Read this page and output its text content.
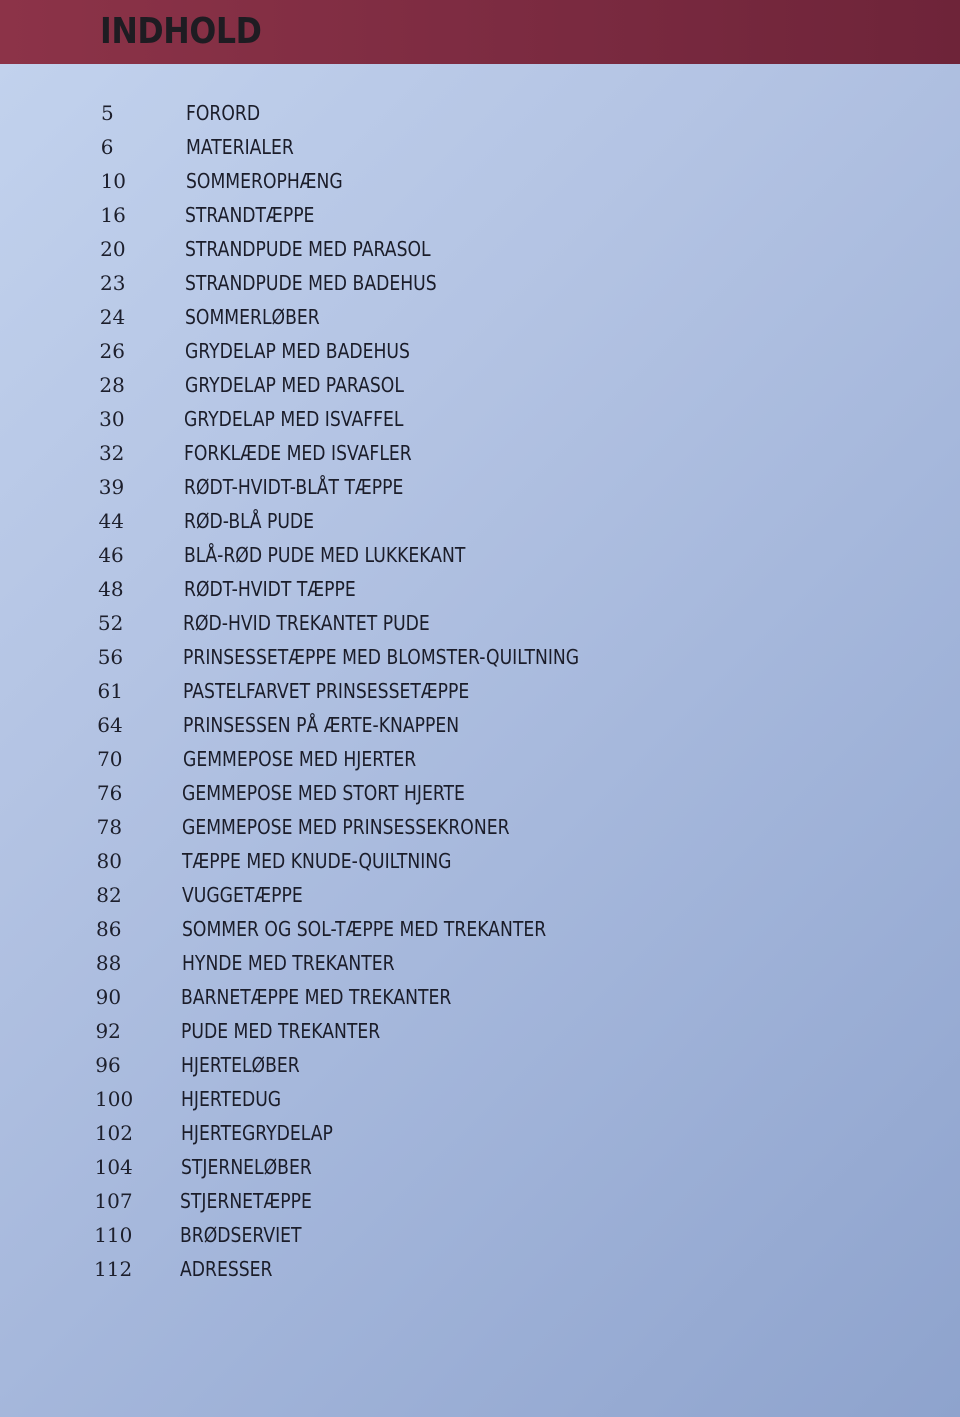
INDHOLD
5	FORORD
6	MATERIALER
10	SOMMEROPHÆNG
16	STRANDTÆPPE
20	STRANDPUDE MED PARASOL
23	STRANDPUDE MED BADEHUS
24	SOMMERLØBER
26	GRYDELAP MED BADEHUS
28	GRYDELAP MED PARASOL
30	GRYDELAP MED ISVAFFEL
32	FORKLÆDE MED ISVAFLER
39	RØDT-HVIDT-BLÅT TÆPPE
44	RØD-BLÅ PUDE
46	BLÅ-RØD PUDE MED LUKKEKANT
48	RØDT-HVIDT TÆPPE
52	RØD-HVID TREKANTET PUDE
56	PRINSESSETÆPPE MED BLOMSTER-QUILTNING
61	PASTELFARVET PRINSESSETÆPPE
64	PRINSESSEN PÅ ÆRTE-KNAPPEN
70	GEMMEPOSE MED HJERTER
76	GEMMEPOSE MED STORT HJERTE
78	GEMMEPOSE MED PRINSESSEKRONER
80	TÆPPE MED KNUDE-QUILTNING
82	VUGGETÆPPE
86	SOMMER OG SOL-TÆPPE MED TREKANTER
88	HYNDE MED TREKANTER
90	BARNETÆPPE MED TREKANTER
92	PUDE MED TREKANTER
96	HJERTELØBER
100 HJERTEDUG
102 HJERTEGRYDELAP
104 STJERNELØBER
107 STJERNETÆPPE
110 BRØDSERVIET
112 ADRESSER
